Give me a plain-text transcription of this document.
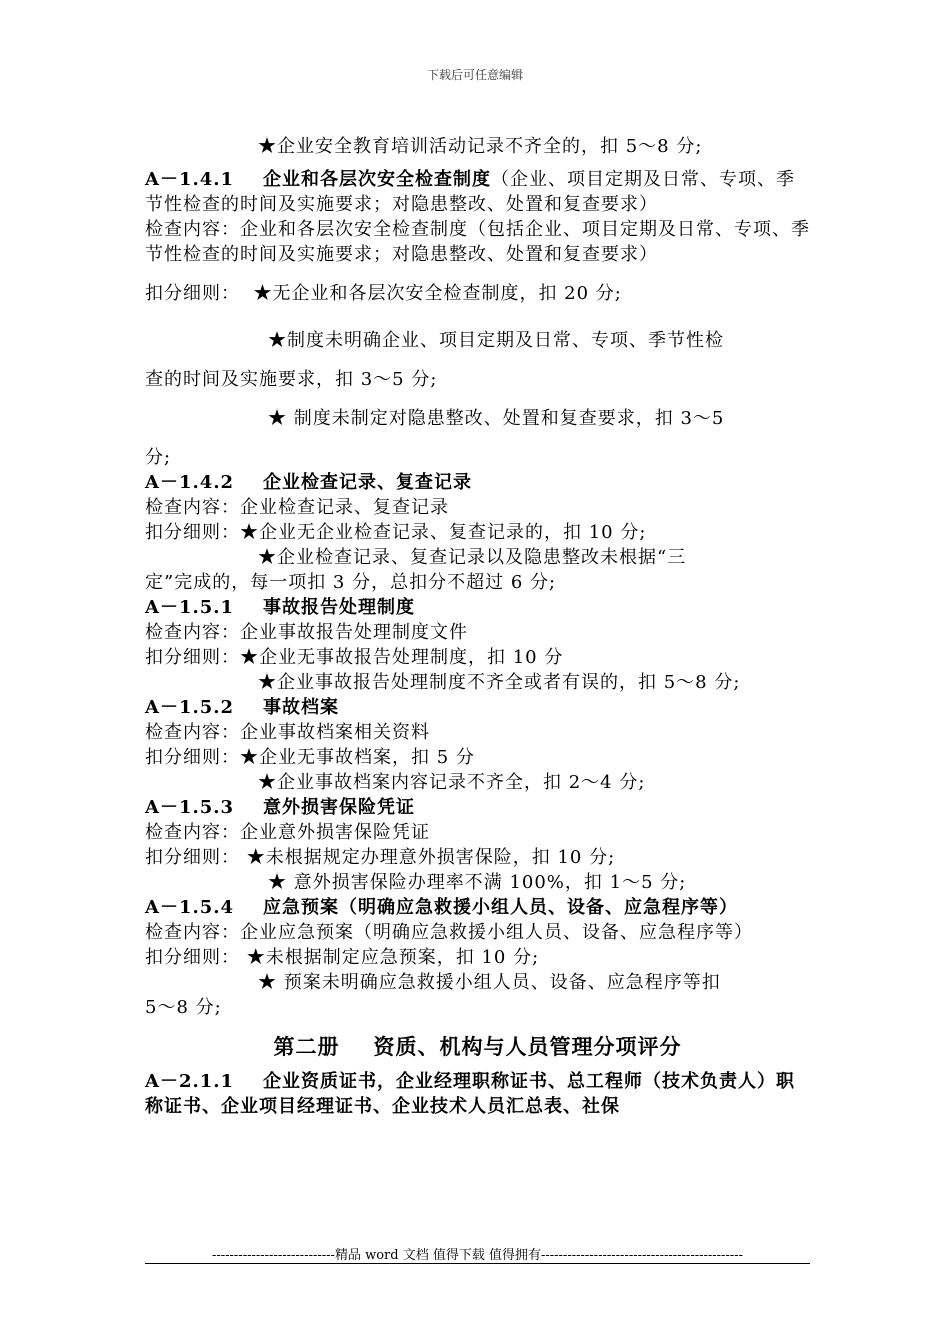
下载后可任意编辑

★企业安全教育培训活动记录不齐全的，扣 5～8 分;

A－1.4.1 企业和各层次安全检查制度（企业、项目定期及日常、专项、季节性检查的时间及实施要求；对隐患整改、处置和复查要求）

检查内容：企业和各层次安全检查制度（包括企业、项目定期及日常、专项、季节性检查的时间及实施要求；对隐患整改、处置和复查要求）

扣分细则： ★无企业和各层次安全检查制度，扣 20 分;

★制度未明确企业、项目定期及日常、专项、季节性检

查的时间及实施要求，扣 3～5 分;

★ 制度未制定对隐患整改、处置和复查要求，扣 3～5

分;

A－1.4.2 企业检查记录、复查记录

检查内容：企业检查记录、复查记录

扣分细则：★企业无企业检查记录、复查记录的，扣 10 分;

★企业检查记录、复查记录以及隐患整改未根据“三

定”完成的，每一项扣 3 分，总扣分不超过 6 分;

A－1.5.1 事故报告处理制度

检查内容：企业事故报告处理制度文件

扣分细则：★企业无事故报告处理制度，扣 10 分

★企业事故报告处理制度不齐全或者有误的，扣 5～8 分;

A－1.5.2 事故档案

检查内容：企业事故档案相关资料

扣分细则：★企业无事故档案，扣 5 分

★企业事故档案内容记录不齐全，扣 2～4 分;

A－1.5.3 意外损害保险凭证

检查内容：企业意外损害保险凭证

扣分细则： ★未根据规定办理意外损害保险，扣 10 分;

★ 意外损害保险办理率不满 100%，扣 1～5 分;

A－1.5.4 应急预案（明确应急救援小组人员、设备、应急程序等）

检查内容：企业应急预案（明确应急救援小组人员、设备、应急程序等）

扣分细则： ★未根据制定应急预案，扣 10 分;

★ 预案未明确应急救援小组人员、设备、应急程序等扣

5～8 分;

第二册 资质、机构与人员管理分项评分

A－2.1.1 企业资质证书，企业经理职称证书、总工程师（技术负责人）职称证书、企业项目经理证书、企业技术人员汇总表、社保

----------------------------精品 word 文档 值得下载 值得拥有----------------------------------------------
